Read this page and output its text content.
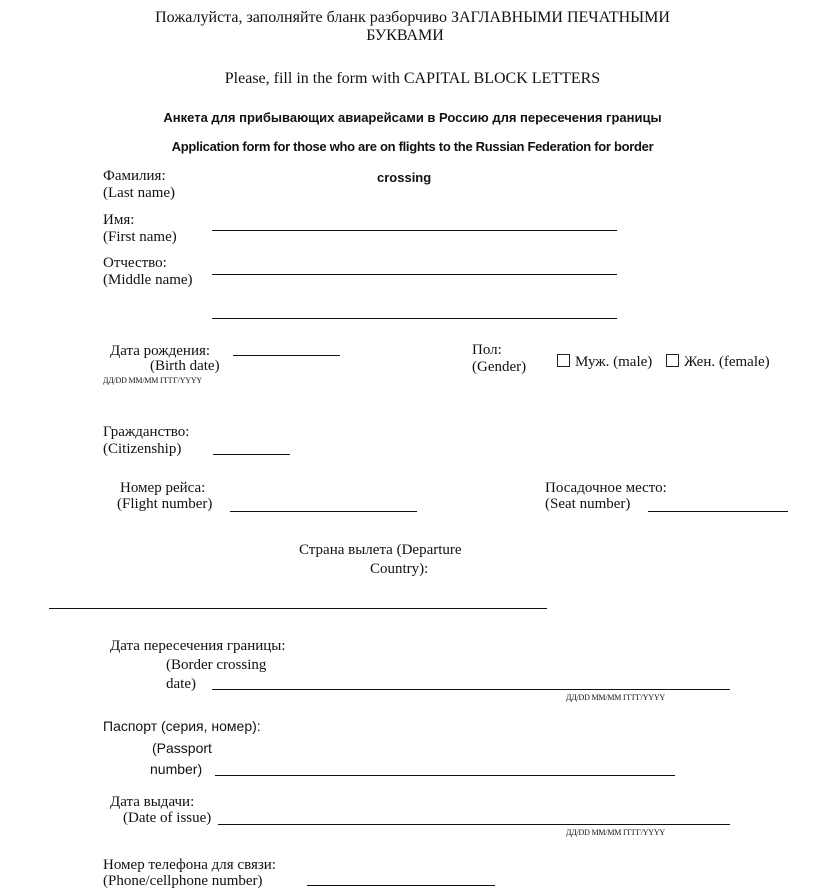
Пожалуйста, заполняйте бланк разборчиво ЗАГЛАВНЫМИ ПЕЧАТНЫМИ
БУКВАМИ
Please, fill in the form with CAPITAL BLOCK LETTERS
Анкета для прибывающих авиарейсами в Россию для пересечения границы
Application form for those who are on flights to the Russian Federation for border
crossing
Фамилия:
(Last name)
Имя:
(First name)
Отчество:
(Middle name)
Дата рождения:
(Birth date)
ДД/DD ММ/MM ГГГГ/YYYY
Пол:
(Gender)	Муж. (male)	Жен. (female)
Гражданство:
(Citizenship)
Номер рейса:
(Flight number)
Посадочное место:
(Seat number)
Страна вылета (Departure
Country):
Дата пересечения границы:
(Border crossing
date)
ДД/DD ММ/MM ГГГГ/YYYY
Паспорт (серия, номер):
(Passport
number)
Дата выдачи:
(Date of issue)
ДД/DD ММ/MM ГГГГ/YYYY
Номер телефона для связи:
(Phone/cellphone number)
